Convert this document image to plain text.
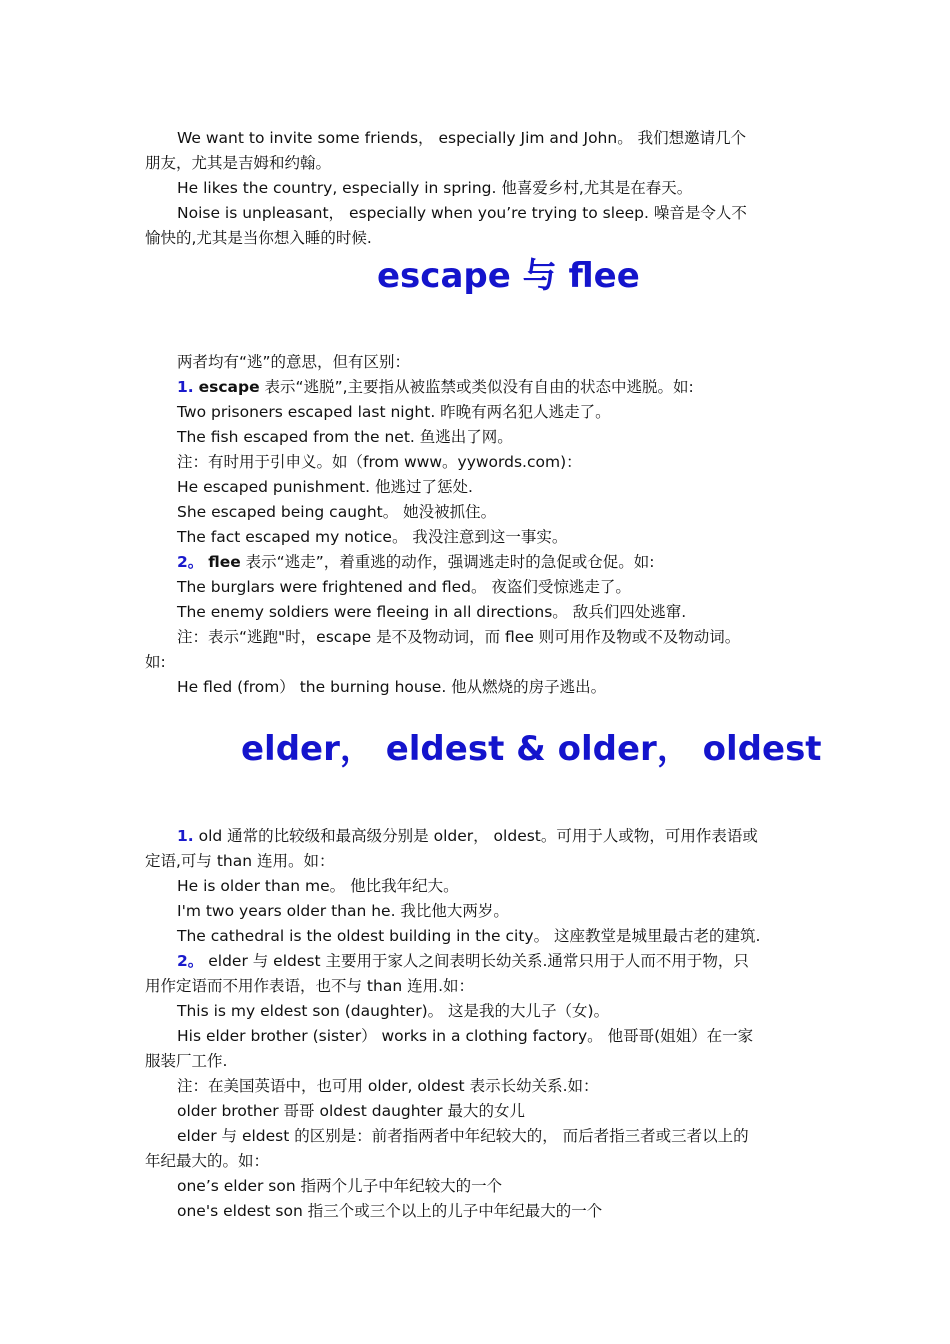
We want to invite some friends， especially Jim and John。 我们想邀请几个
朋友，尤其是吉姆和约翰。
He likes the country, especially in spring. 他喜爱乡村,尤其是在春天。
Noise is unpleasant， especially when you’re trying to sleep. 噪音是令人不
愉快的,尤其是当你想入睡的时候.
escape 与 flee
两者均有“逃”的意思，但有区别：
1. escape 表示“逃脱”,主要指从被监禁或类似没有自由的状态中逃脱。如:
Two prisoners escaped last night. 昨晚有两名犯人逃走了。
The fish escaped from the net. 鱼逃出了网。
注：有时用于引申义。如（from www。yywords.com)：
He escaped punishment. 他逃过了惩处.
She escaped being caught。 她没被抓住。
The fact escaped my notice。 我没注意到这一事实。
2。 flee 表示“逃走”，着重逃的动作，强调逃走时的急促或仓促。如:
The burglars were frightened and fled。 夜盗们受惊逃走了。
The enemy soldiers were fleeing in all directions。 敌兵们四处逃窜.
注：表示“逃跑"时，escape 是不及物动词，而 flee 则可用作及物或不及物动词。
如:
He fled (from） the burning house. 他从燃烧的房子逃出。
elder， eldest & older， oldest
1. old 通常的比较级和最高级分别是 older， oldest。可用于人或物，可用作表语或
定语,可与 than 连用。如：
He is older than me。 他比我年纪大。
I'm two years older than he. 我比他大两岁。
The cathedral is the oldest building in the city。 这座教堂是城里最古老的建筑.
2。 elder 与 eldest 主要用于家人之间表明长幼关系.通常只用于人而不用于物，只
用作定语而不用作表语，也不与 than 连用.如：
This is my eldest son (daughter)。 这是我的大儿子（女)。
His elder brother (sister） works in a clothing factory。 他哥哥(姐姐）在一家
服装厂工作.
注：在美国英语中，也可用 older, oldest 表示长幼关系.如：
older brother 哥哥 oldest daughter 最大的女儿
elder 与 eldest 的区别是：前者指两者中年纪较大的， 而后者指三者或三者以上的
年纪最大的。如：
one’s elder son 指两个儿子中年纪较大的一个
one's eldest son 指三个或三个以上的儿子中年纪最大的一个
